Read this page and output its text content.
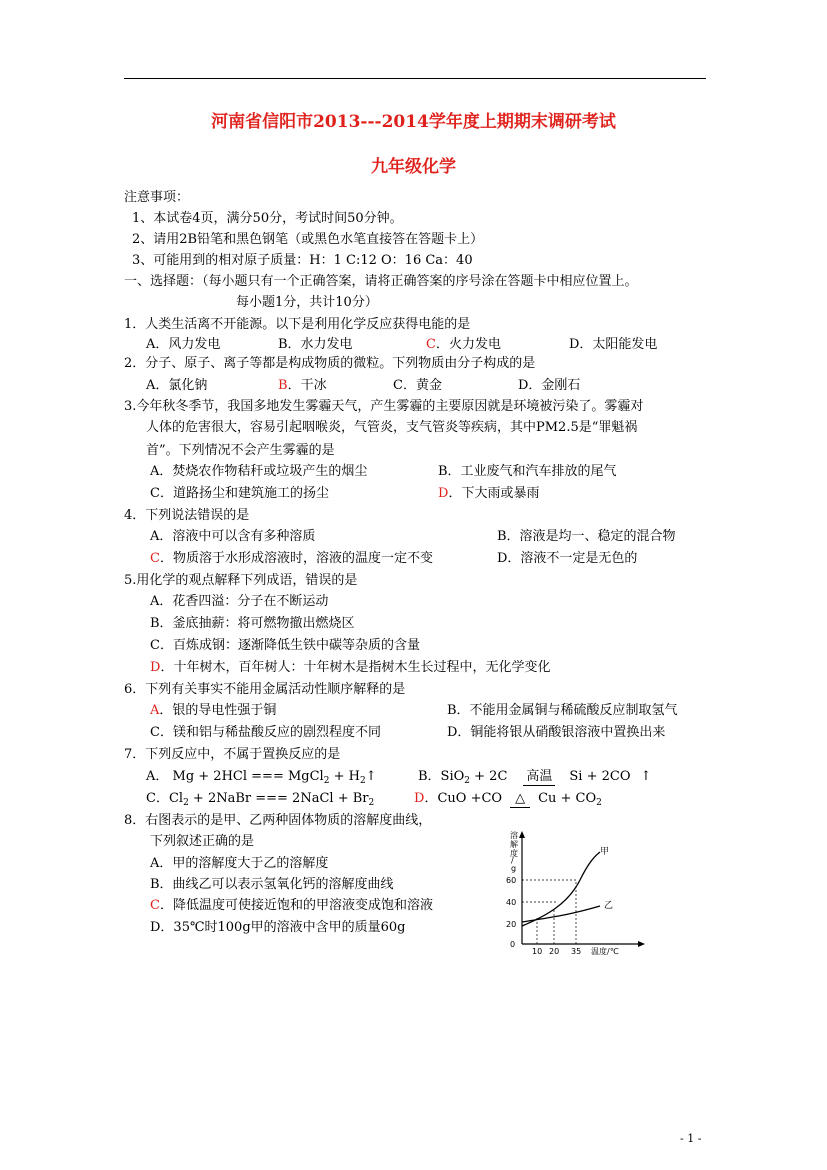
河南省信阳市2013---2014学年度上期期末调研考试
九年级化学
注意事项：
1、本试卷4页，满分50分，考试时间50分钟。
2、请用2B铅笔和黑色钢笔（或黑色水笔直接答在答题卡上）
3、可能用到的相对原子质量：H：1 C:12 O：16 Ca：40
一、选择题：（每小题只有一个正确答案，请将正确答案的序号涂在答题卡中相应位置上。
每小题1分，共计10分）
1．人类生活离不开能源。以下是利用化学反应获得电能的是
A．风力发电	B．水力发电	C．火力发电	D．太阳能发电
2．分子、原子、离子等都是构成物质的微粒。下列物质由分子构成的是
A．氯化钠	B．干冰	C．黄金	D．金刚石
3.今年秋冬季节，我国多地发生雾霾天气，产生雾霾的主要原因就是环境被污染了。雾霾对
人体的危害很大，容易引起咽喉炎，气管炎，支气管炎等疾病，其中PM2.5是“罪魁祸
首”。下列情况不会产生雾霾的是
A．焚烧农作物秸秆或垃圾产生的烟尘	B．工业废气和汽车排放的尾气
C．道路扬尘和建筑施工的扬尘	D．下大雨或暴雨
4．下列说法错误的是
A．溶液中可以含有多种溶质	B．溶液是均一、稳定的混合物
C．物质溶于水形成溶液时，溶液的温度一定不变	D．溶液不一定是无色的
5.用化学的观点解释下列成语，错误的是
A．花香四溢：分子在不断运动
B．釜底抽薪：将可燃物撤出燃烧区
C．百炼成钢：逐渐降低生铁中碳等杂质的含量
D．十年树木，百年树人：十年树木是指树木生长过程中，无化学变化
6．下列有关事实不能用金属活动性顺序解释的是
A．银的导电性强于铜	B．不能用金属铜与稀硫酸反应制取氢气
C．镁和铝与稀盐酸反应的剧烈程度不同	D．铜能将银从硝酸银溶液中置换出来
7．下列反应中，不属于置换反应的是
A． Mg + 2HCl === MgCl$_2$ + $H_2↑$	B．SiO$_2$ + 2C 高温 Si + 2CO ↑
C．$Cl_2$ + 2NaBr === 2NaCl + $Br_2$	D．CuO +CO △ $Cu + CO_2$
8．右图表示的是甲、乙两种固体物质的溶解度曲线，
下列叙述正确的是
A．甲的溶解度大于乙的溶解度
B．曲线乙可以表示氢氧化钙的溶解度曲线
C．降低温度可使接近饱和的甲溶液变成饱和溶液
D．35℃时100g甲的溶液中含甲的质量60g
溶
解
度
/
g
甲
乙
60
40
20
0
10 20 35 温度/℃
- 1 -
